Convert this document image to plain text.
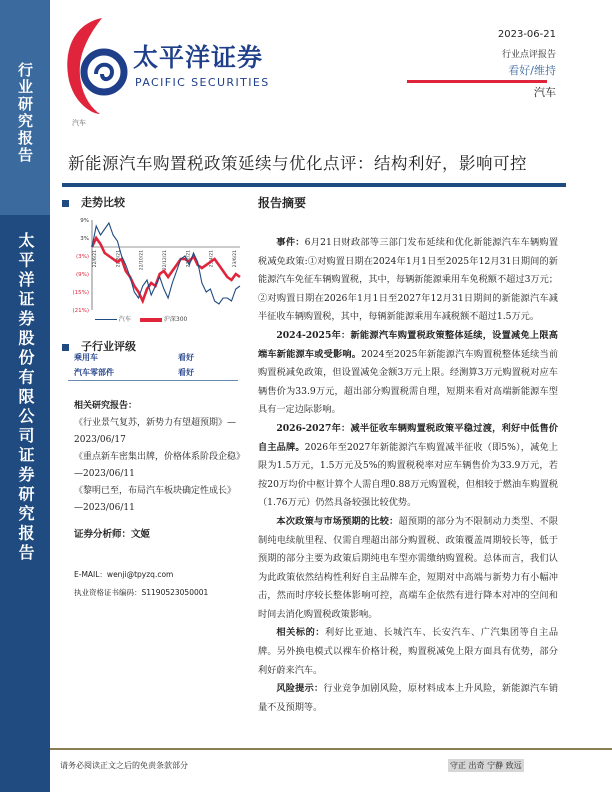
行业研究报告
太平洋证券股份有限公司证券研究报告
太平洋证券
PACIFIC SECURITIES
2023-06-21
行业点评报告
看好/维持
汽车
汽车
新能源汽车购置税政策延续与优化点评：结构利好，影响可控
走势比较
9%
3%
(3%)
(9%)
(15%)
(21%)
22/6/21	22/8/21	22/10/21	22/12/21	23/2/21	23/4/21	23/6/21
汽车	沪深300
子行业评级
乘用车	看好
汽车零部件	看好
相关研究报告：
《行业景气复苏，新势力有望超预期》—2023/06/17
《重点新车密集出牌，价格体系阶段企稳》—2023/06/11
《黎明已至，布局汽车板块确定性成长》—2023/06/11
证券分析师：文姬
E-MAIL：wenji@tpyzq.com
执业资格证书编码：S1190523050001
报告摘要

事件：6月21日财政部等三部门发布延续和优化新能源汽车车辆购置税减免政策:①对购置日期在2024年1月1日至2025年12月31日期间的新能源汽车免征车辆购置税，其中，每辆新能源乘用车免税额不超过3万元；②对购置日期在2026年1月1日至2027年12月31日期间的新能源汽车减半征收车辆购置税，其中，每辆新能源乘用车减税额不超过1.5万元。

2024-2025年：新能源汽车购置税政策整体延续，设置减免上限高端车新能源车或受影响。2024至2025年新能源汽车购置税整体延续当前购置税减免政策，但设置减免金额3万元上限。经测算3万元购置税对应车辆售价为33.9万元，超出部分购置税需自理，短期来看对高端新能源车型具有一定边际影响。

2026-2027年：减半征收车辆购置税政策平稳过渡，利好中低售价自主品牌。2026年至2027年新能源汽车购置减半征收（即5%），减免上限为1.5万元，1.5万元及5%的购置税税率对应车辆售价为33.9万元，若按20万均价中枢计算个人需自理0.88万元购置税，但相较于燃油车购置税（1.76万元）仍然具备较强比较优势。

本次政策与市场预期的比较：超预期的部分为不限制动力类型、不限制纯电续航里程、仅需自理超出部分购置税、政策覆盖周期较长等，低于预期的部分主要为政策后期纯电车型亦需缴纳购置税。总体而言，我们认为此政策依然结构性利好自主品牌车企，短期对中高端与新势力有小幅冲击，然而时序较长整体影响可控，高端车企依然有进行降本对冲的空间和时间去消化购置税政策影响。

相关标的：利好比亚迪、长城汽车、长安汽车、广汽集团等自主品牌。另外换电模式以裸车价格计税，购置税减免上限方面具有优势，部分利好蔚来汽车。

风险提示：行业竞争加剧风险，原材料成本上升风险，新能源汽车销量不及预期等。

请务必阅读正文之后的免责条款部分	守正 出奇 宁静 致远
